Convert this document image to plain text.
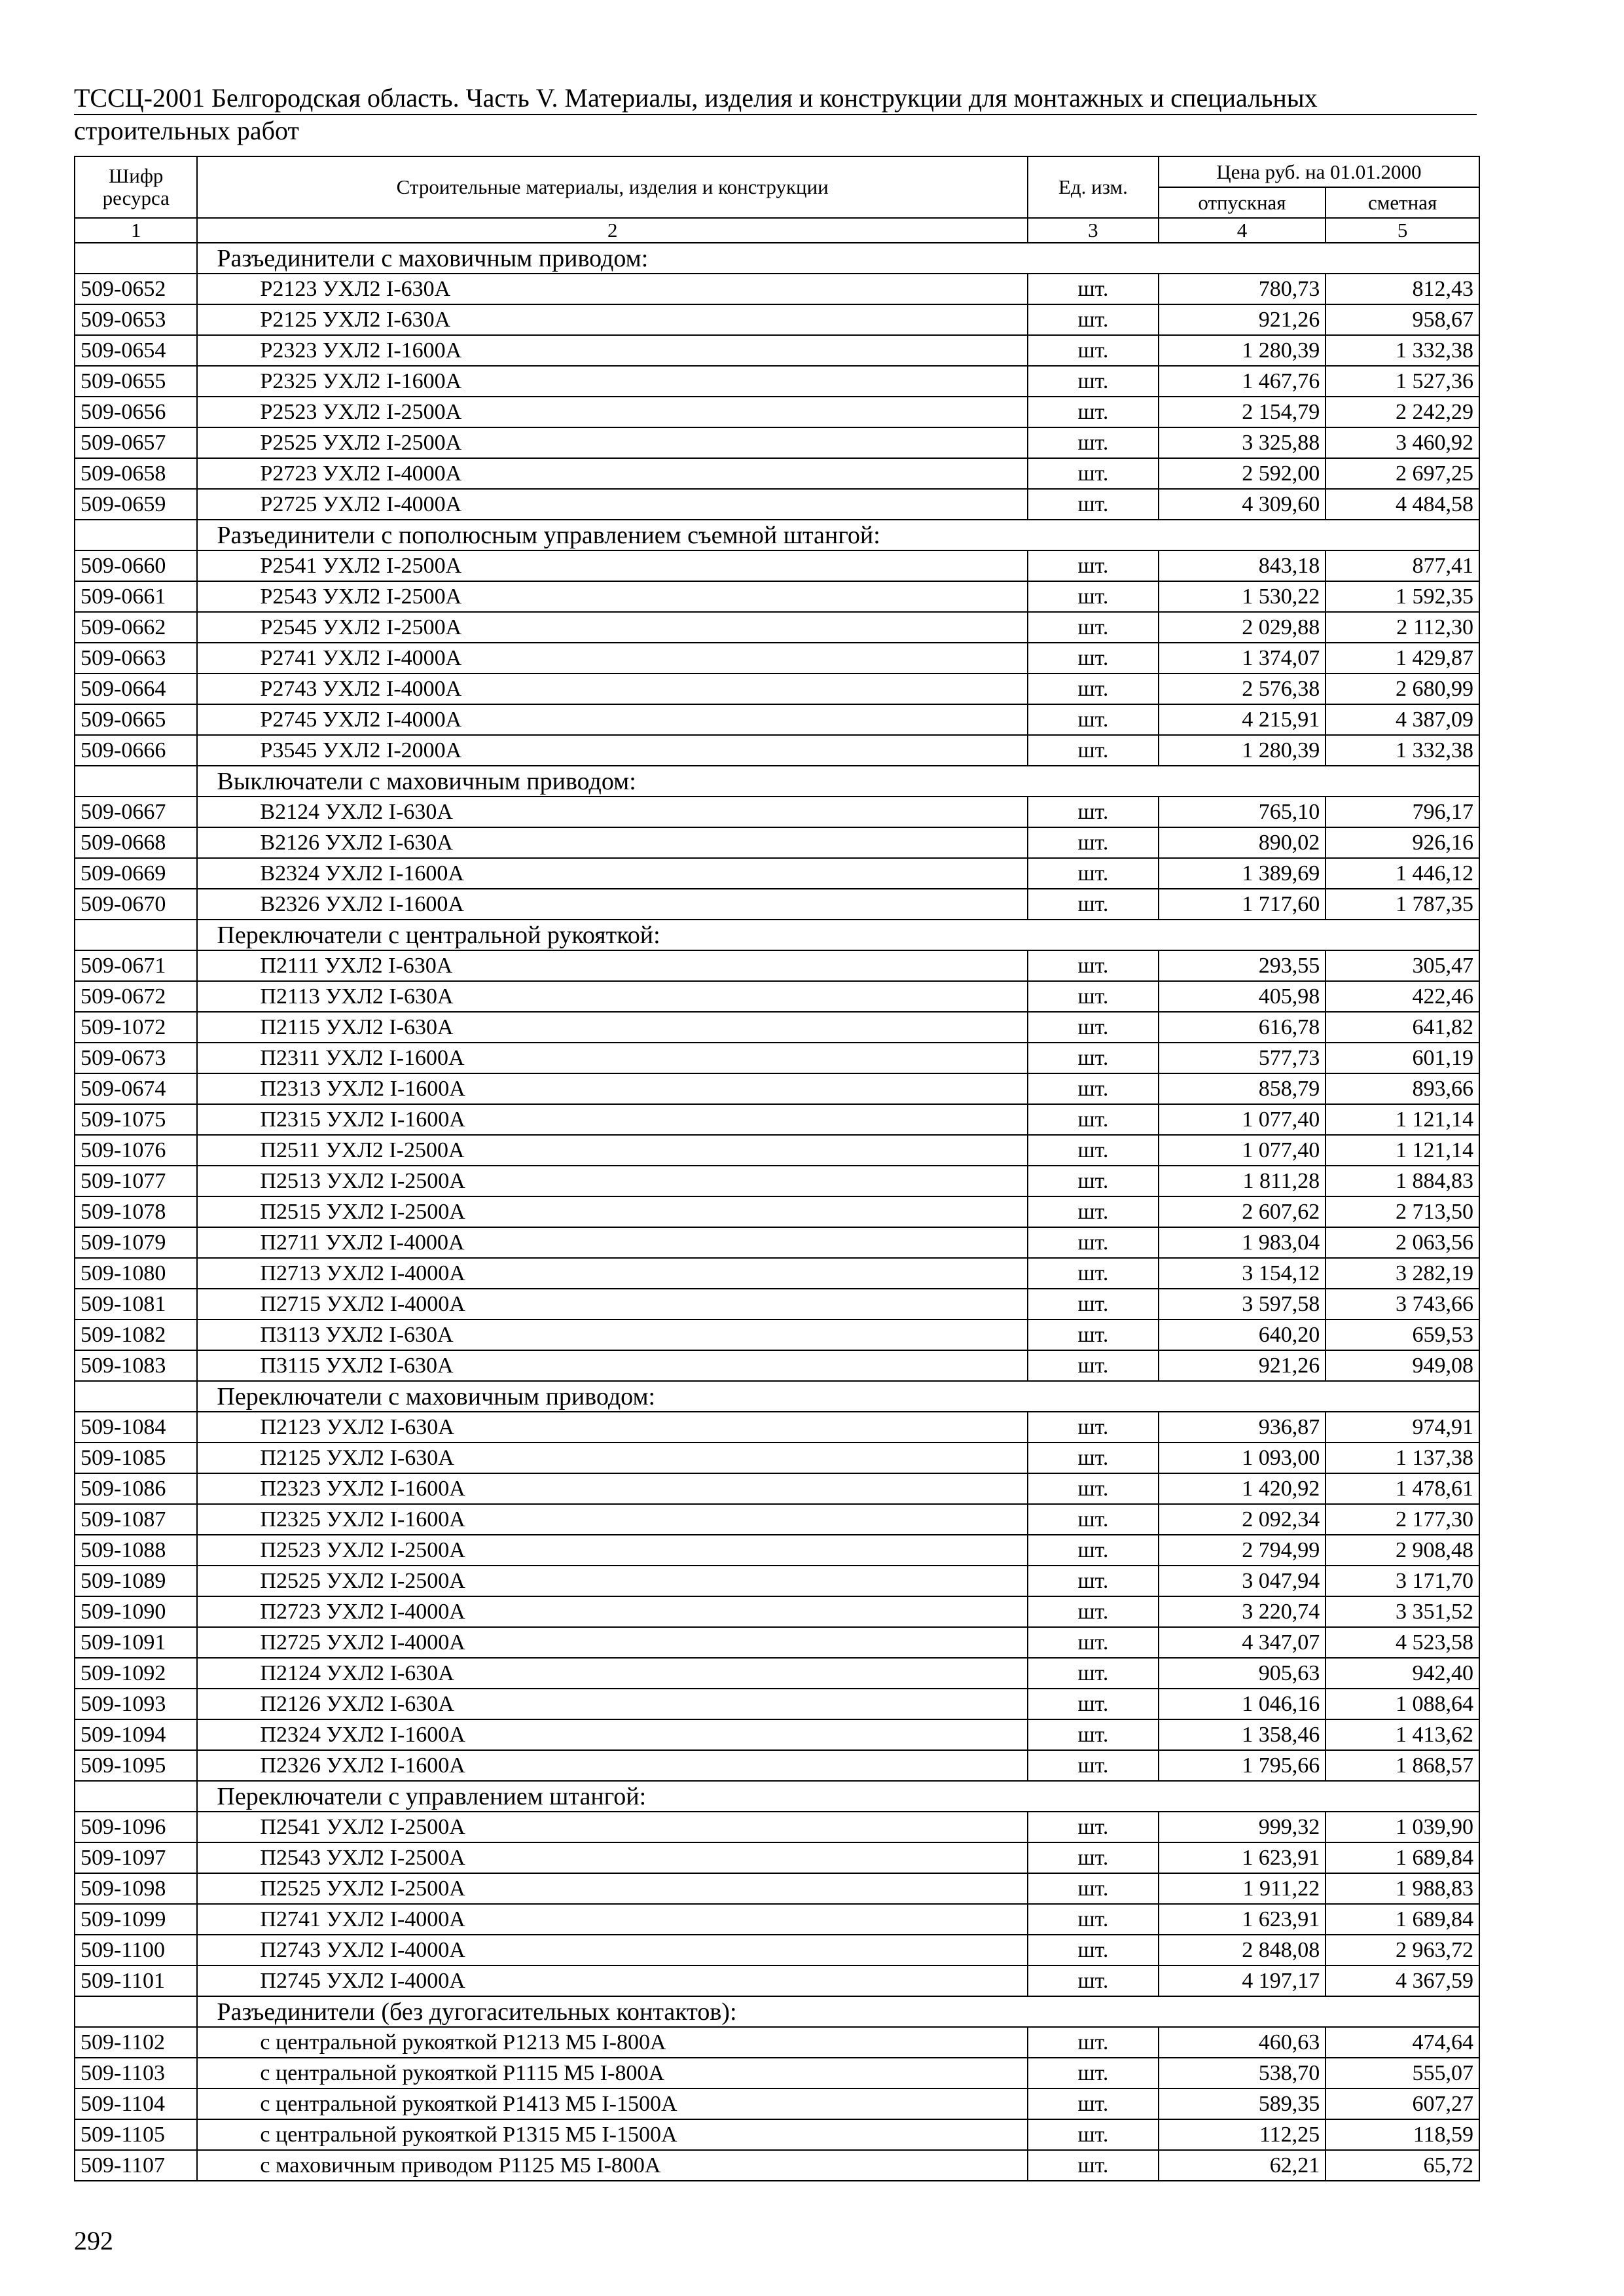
ТССЦ-2001 Белгородская область. Часть V. Материалы, изделия и конструкции для монтажных и специальных
строительных работ
Шифр ресурса	Строительные материалы, изделия и конструкции	Ед. изм.	Цена руб. на 01.01.2000	
			отпускная	сметная
1	2	3	4	5
	Разъединители с маховичным приводом:			
509-0652	Р2123 УХЛ2 I-630А	шт.	780,73	812,43
509-0653	Р2125 УХЛ2 I-630А	шт.	921,26	958,67
509-0654	Р2323 УХЛ2 I-1600А	шт.	1 280,39	1 332,38
509-0655	Р2325 УХЛ2 I-1600А	шт.	1 467,76	1 527,36
509-0656	Р2523 УХЛ2 I-2500А	шт.	2 154,79	2 242,29
509-0657	Р2525 УХЛ2 I-2500А	шт.	3 325,88	3 460,92
509-0658	Р2723 УХЛ2 I-4000А	шт.	2 592,00	2 697,25
509-0659	Р2725 УХЛ2 I-4000А	шт.	4 309,60	4 484,58
	Разъединители с пополюсным управлением съемной штангой:			
509-0660	Р2541 УХЛ2 I-2500А	шт.	843,18	877,41
509-0661	Р2543 УХЛ2 I-2500А	шт.	1 530,22	1 592,35
509-0662	Р2545 УХЛ2 I-2500А	шт.	2 029,88	2 112,30
509-0663	Р2741 УХЛ2 I-4000А	шт.	1 374,07	1 429,87
509-0664	Р2743 УХЛ2 I-4000А	шт.	2 576,38	2 680,99
509-0665	Р2745 УХЛ2 I-4000А	шт.	4 215,91	4 387,09
509-0666	Р3545 УХЛ2 I-2000А	шт.	1 280,39	1 332,38
	Выключатели с маховичным приводом:			
509-0667	В2124 УХЛ2 I-630А	шт.	765,10	796,17
509-0668	В2126 УХЛ2 I-630А	шт.	890,02	926,16
509-0669	В2324 УХЛ2 I-1600А	шт.	1 389,69	1 446,12
509-0670	В2326 УХЛ2 I-1600А	шт.	1 717,60	1 787,35
	Переключатели с центральной рукояткой:			
509-0671	П2111 УХЛ2 I-630А	шт.	293,55	305,47
509-0672	П2113 УХЛ2 I-630А	шт.	405,98	422,46
509-1072	П2115 УХЛ2 I-630А	шт.	616,78	641,82
509-0673	П2311 УХЛ2 I-1600А	шт.	577,73	601,19
509-0674	П2313 УХЛ2 I-1600А	шт.	858,79	893,66
509-1075	П2315 УХЛ2 I-1600А	шт.	1 077,40	1 121,14
509-1076	П2511 УХЛ2 I-2500А	шт.	1 077,40	1 121,14
509-1077	П2513 УХЛ2 I-2500А	шт.	1 811,28	1 884,83
509-1078	П2515 УХЛ2 I-2500А	шт.	2 607,62	2 713,50
509-1079	П2711 УХЛ2 I-4000А	шт.	1 983,04	2 063,56
509-1080	П2713 УХЛ2 I-4000А	шт.	3 154,12	3 282,19
509-1081	П2715 УХЛ2 I-4000А	шт.	3 597,58	3 743,66
509-1082	П3113 УХЛ2 I-630А	шт.	640,20	659,53
509-1083	П3115 УХЛ2 I-630А	шт.	921,26	949,08
	Переключатели с маховичным приводом:			
509-1084	П2123 УХЛ2 I-630А	шт.	936,87	974,91
509-1085	П2125 УХЛ2 I-630А	шт.	1 093,00	1 137,38
509-1086	П2323 УХЛ2 I-1600А	шт.	1 420,92	1 478,61
509-1087	П2325 УХЛ2 I-1600А	шт.	2 092,34	2 177,30
509-1088	П2523 УХЛ2 I-2500А	шт.	2 794,99	2 908,48
509-1089	П2525 УХЛ2 I-2500А	шт.	3 047,94	3 171,70
509-1090	П2723 УХЛ2 I-4000А	шт.	3 220,74	3 351,52
509-1091	П2725 УХЛ2 I-4000А	шт.	4 347,07	4 523,58
509-1092	П2124 УХЛ2 I-630А	шт.	905,63	942,40
509-1093	П2126 УХЛ2 I-630А	шт.	1 046,16	1 088,64
509-1094	П2324 УХЛ2 I-1600А	шт.	1 358,46	1 413,62
509-1095	П2326 УХЛ2 I-1600А	шт.	1 795,66	1 868,57
	Переключатели с управлением штангой:			
509-1096	П2541 УХЛ2 I-2500А	шт.	999,32	1 039,90
509-1097	П2543 УХЛ2 I-2500А	шт.	1 623,91	1 689,84
509-1098	П2525 УХЛ2 I-2500А	шт.	1 911,22	1 988,83
509-1099	П2741 УХЛ2 I-4000А	шт.	1 623,91	1 689,84
509-1100	П2743 УХЛ2 I-4000А	шт.	2 848,08	2 963,72
509-1101	П2745 УХЛ2 I-4000А	шт.	4 197,17	4 367,59
	Разъединители (без дугогасительных контактов):			
509-1102	с центральной рукояткой Р1213 М5 I-800А	шт.	460,63	474,64
509-1103	с центральной рукояткой Р1115 М5 I-800А	шт.	538,70	555,07
509-1104	с центральной рукояткой Р1413 М5 I-1500А	шт.	589,35	607,27
509-1105	с центральной рукояткой Р1315 М5 I-1500А	шт.	112,25	118,59
509-1107	с маховичным приводом Р1125 М5 I-800А	шт.	62,21	65,72
292
